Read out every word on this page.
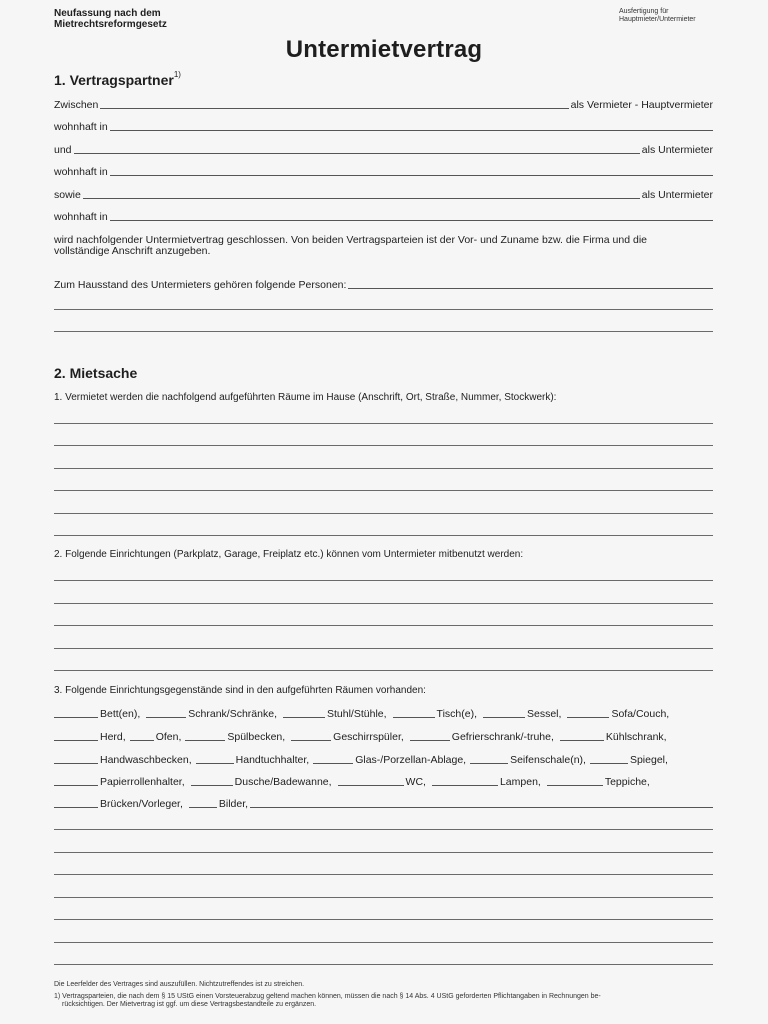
Neufassung nach dem
Mietrechtsreformgesetz
Ausfertigung für
Hauptmieter/Untermieter
Untermietvertrag
1. Vertragspartner$^{1)}$
Zwischen	als Vermieter - Hauptvermieter
wohnhaft in
und	als Untermieter
wohnhaft in
sowie	als Untermieter
wohnhaft in
wird nachfolgender Untermietvertrag geschlossen. Von beiden Vertragsparteien ist der Vor- und Zuname bzw. die Firma und die
vollständige Anschrift anzugeben.
Zum Hausstand des Untermieters gehören folgende Personen:
2. Mietsache
1. Vermietet werden die nachfolgend aufgeführten Räume im Hause (Anschrift, Ort, Straße, Nummer, Stockwerk):
2. Folgende Einrichtungen (Parkplatz, Garage, Freiplatz etc.) können vom Untermieter mitbenutzt werden:
3. Folgende Einrichtungsgegenstände sind in den aufgeführten Räumen vorhanden:
Bett(en),	Schrank/Schränke,	Stuhl/Stühle,	Tisch(e),	Sessel,	Sofa/Couch,
Herd,	Ofen,	Spülbecken,	Geschirrspüler,	Gefrierschrank/-truhe,	Kühlschrank,
Handwaschbecken,	Handtuchhalter,	Glas-/Porzellan-Ablage,	Seifenschale(n),	Spiegel,
Papierrollenhalter,	Dusche/Badewanne,	WC,	Lampen,	Teppiche,
Brücken/Vorleger,	Bilder,
Die Leerfelder des Vertrages sind auszufüllen. Nichtzutreffendes ist zu streichen.
1) Vertragsparteien, die nach dem § 15 UStG einen Vorsteuerabzug geltend machen können, müssen die nach § 14 Abs. 4 UStG geforderten Pflichtangaben in Rechnungen be-
rücksichtigen. Der Mietvertrag ist ggf. um diese Vertragsbestandteile zu ergänzen.
